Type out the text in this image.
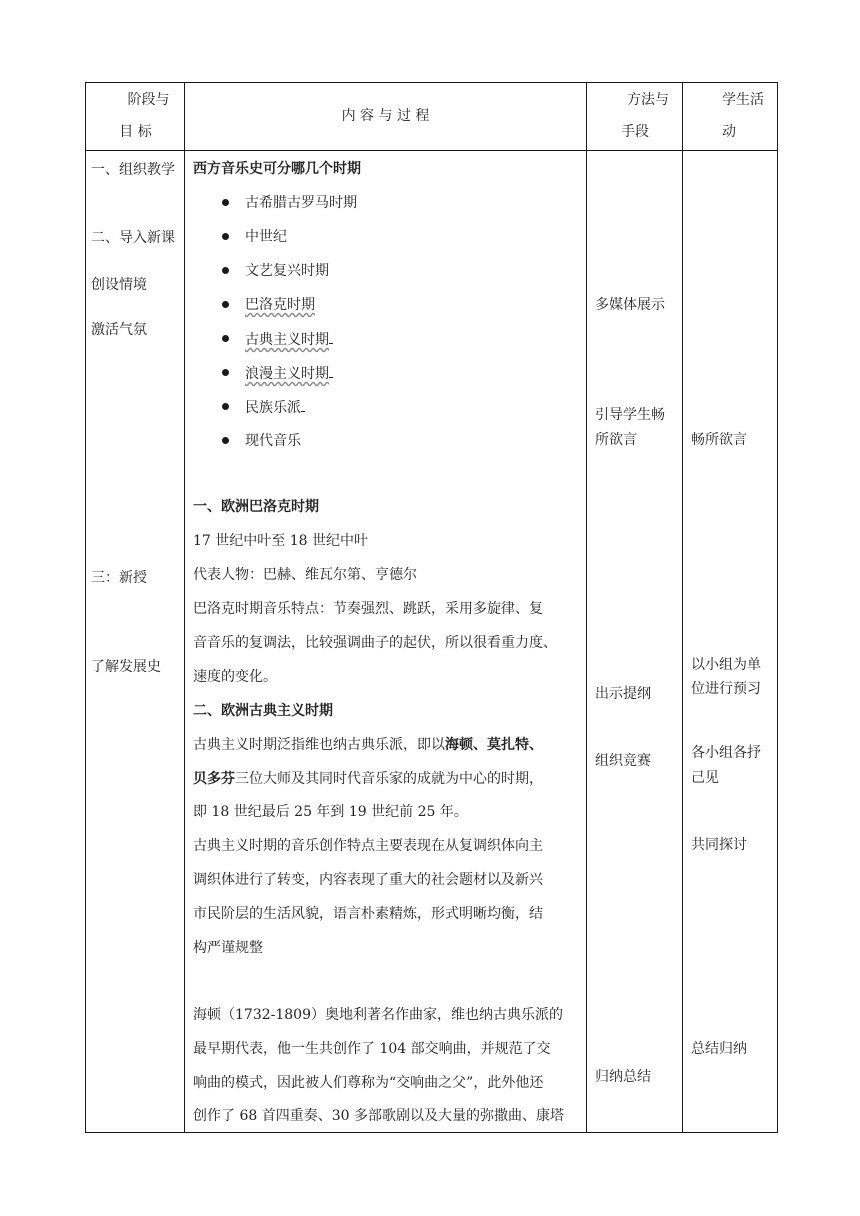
阶段与
目 标
内 容 与 过 程
方法与
手段
学生活
动
一、组织教学
二、导入新课
创设情境
激活气氛
三：新授
了解发展史
西方音乐史可分哪几个时期
古希腊古罗马时期
中世纪
文艺复兴时期
巴洛克时期
古典主义时期
浪漫主义时期
民族乐派
现代音乐
一、欧洲巴洛克时期
17 世纪中叶至 18 世纪中叶
代表人物：巴赫、维瓦尔第、亨德尔
巴洛克时期音乐特点：节奏强烈、跳跃，采用多旋律、复
音音乐的复调法，比较强调曲子的起伏，所以很看重力度、
速度的变化。
二、欧洲古典主义时期
古典主义时期泛指维也纳古典乐派，即以海顿、莫扎特、
贝多芬三位大师及其同时代音乐家的成就为中心的时期，
即 18 世纪最后 25 年到 19 世纪前 25 年。
古典主义时期的音乐创作特点主要表现在从复调织体向主
调织体进行了转变，内容表现了重大的社会题材以及新兴
市民阶层的生活风貌，语言朴素精炼，形式明晰均衡，结
构严谨规整
海顿（1732-1809）奥地利著名作曲家，维也纳古典乐派的
最早期代表，他一生共创作了 104 部交响曲，并规范了交
响曲的模式，因此被人们尊称为“交响曲之父”，此外他还
创作了 68 首四重奏、30 多部歌剧以及大量的弥撒曲、康塔
多媒体展示
引导学生畅
所欲言
出示提纲
组织竞赛
归纳总结
畅所欲言
以小组为单
位进行预习
各小组各抒
己见
共同探讨
总结归纳
